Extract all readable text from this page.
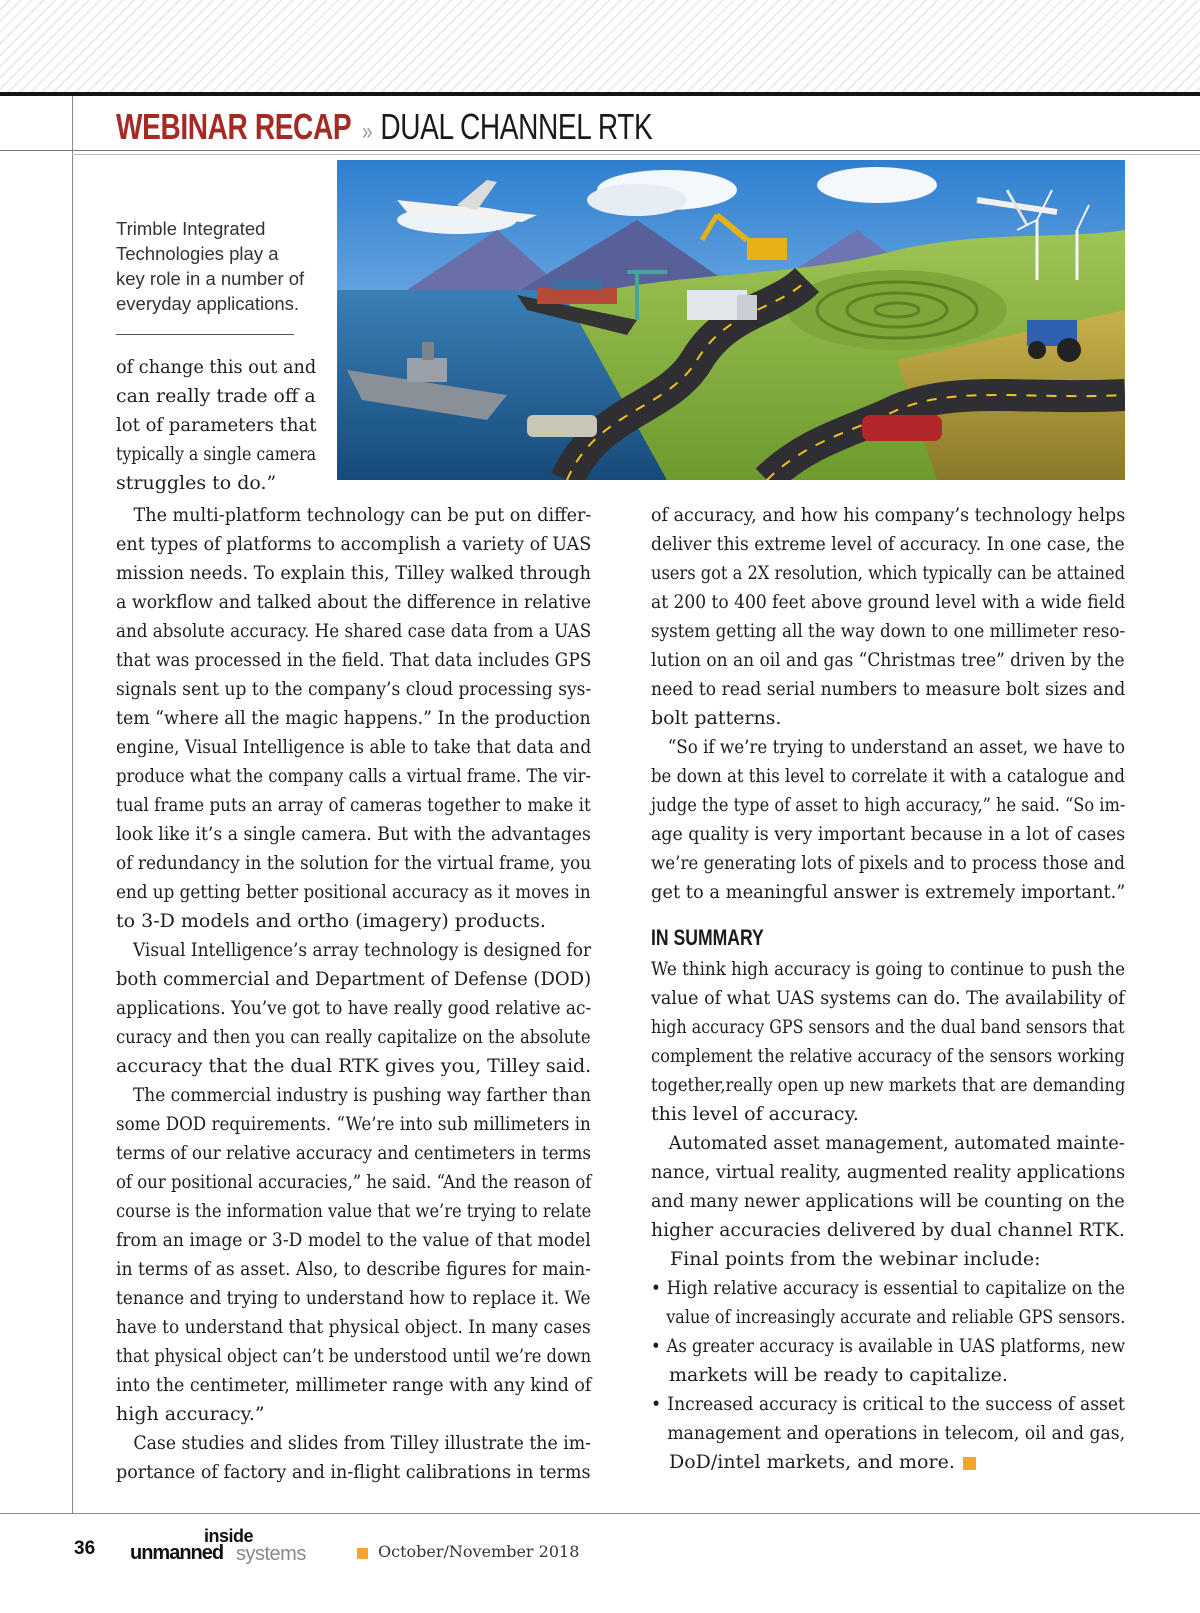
WEBINAR RECAP » DUAL CHANNEL RTK
Trimble Integrated
Technologies play a
key role in a number of
everyday applications.
of change this out and
can really trade off a
lot of parameters that
typically a single camera
struggles to do.”
The multi-platform technology can be put on differ-
ent types of platforms to accomplish a variety of UAS
mission needs. To explain this, Tilley walked through
a workflow and talked about the difference in relative
and absolute accuracy. He shared case data from a UAS
that was processed in the field. That data includes GPS
signals sent up to the company’s cloud processing sys-
tem “where all the magic happens.” In the production
engine, Visual Intelligence is able to take that data and
produce what the company calls a virtual frame. The vir-
tual frame puts an array of cameras together to make it
look like it’s a single camera. But with the advantages
of redundancy in the solution for the virtual frame, you
end up getting better positional accuracy as it moves in
to 3-D models and ortho (imagery) products.
Visual Intelligence’s array technology is designed for
both commercial and Department of Defense (DOD)
applications. You’ve got to have really good relative ac-
curacy and then you can really capitalize on the absolute
accuracy that the dual RTK gives you, Tilley said.
The commercial industry is pushing way farther than
some DOD requirements. “We’re into sub millimeters in
terms of our relative accuracy and centimeters in terms
of our positional accuracies,” he said. “And the reason of
course is the information value that we’re trying to relate
from an image or 3-D model to the value of that model
in terms of as asset. Also, to describe figures for main-
tenance and trying to understand how to replace it. We
have to understand that physical object. In many cases
that physical object can’t be understood until we’re down
into the centimeter, millimeter range with any kind of
high accuracy.”
Case studies and slides from Tilley illustrate the im-
portance of factory and in-flight calibrations in terms
of accuracy, and how his company’s technology helps
deliver this extreme level of accuracy. In one case, the
users got a 2X resolution, which typically can be attained
at 200 to 400 feet above ground level with a wide field
system getting all the way down to one millimeter reso-
lution on an oil and gas “Christmas tree” driven by the
need to read serial numbers to measure bolt sizes and
bolt patterns.
“So if we’re trying to understand an asset, we have to
be down at this level to correlate it with a catalogue and
judge the type of asset to high accuracy,” he said. “So im-
age quality is very important because in a lot of cases
we’re generating lots of pixels and to process those and
get to a meaningful answer is extremely important.”
IN SUMMARY
We think high accuracy is going to continue to push the
value of what UAS systems can do. The availability of
high accuracy GPS sensors and the dual band sensors that
complement the relative accuracy of the sensors working
together,really open up new markets that are demanding
this level of accuracy.
Automated asset management, automated mainte-
nance, virtual reality, augmented reality applications
and many newer applications will be counting on the
higher accuracies delivered by dual channel RTK.
Final points from the webinar include:
• High relative accuracy is essential to capitalize on the
value of increasingly accurate and reliable GPS sensors.
• As greater accuracy is available in UAS platforms, new
markets will be ready to capitalize.
• Increased accuracy is critical to the success of asset
management and operations in telecom, oil and gas,
DoD/intel markets, and more.
36
inside
unmanned systems	October/November 2018
